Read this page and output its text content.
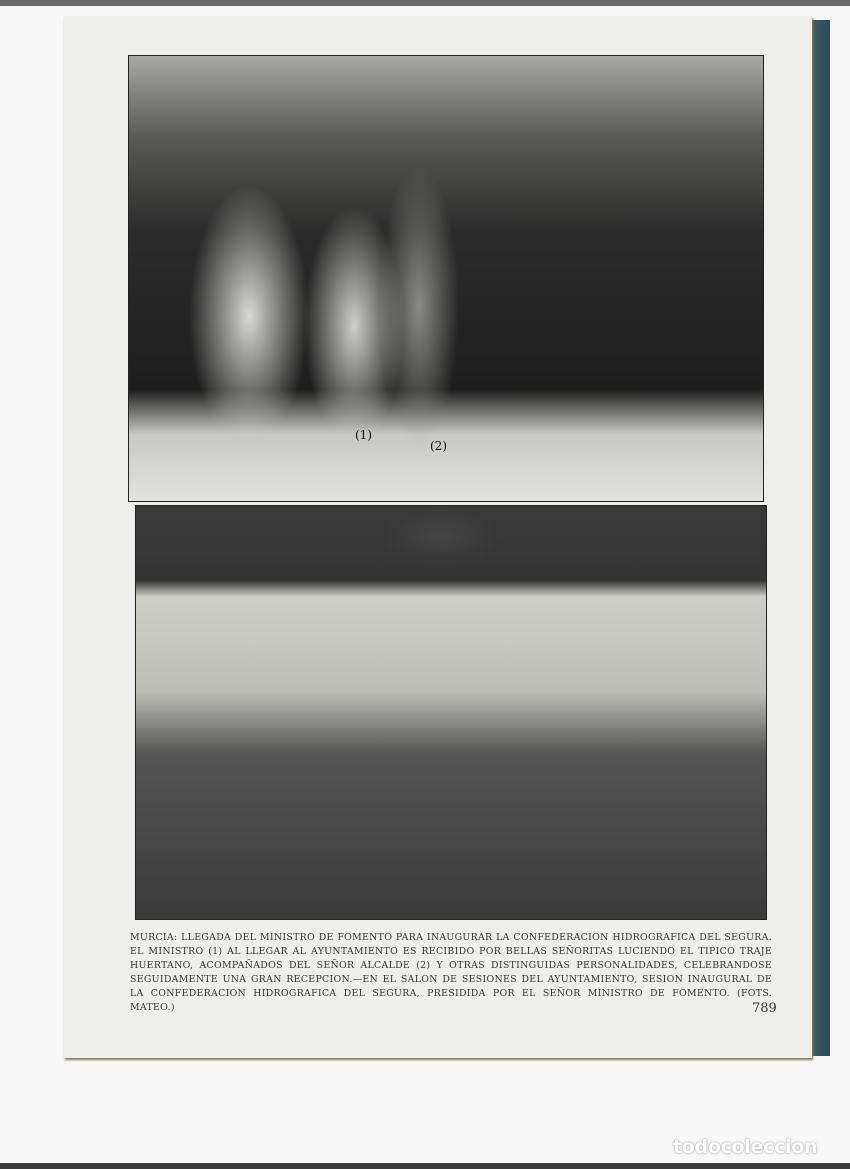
(1)
(2)
MURCIA: LLEGADA DEL MINISTRO DE FOMENTO PARA INAUGURAR LA CONFEDERACION HIDROGRAFICA DEL SEGURA. EL MINISTRO (1) AL LLEGAR AL AYUNTAMIENTO ES RECIBIDO POR BELLAS SEÑORITAS LUCIENDO EL TIPICO TRAJE HUERTANO, ACOMPAÑADOS DEL SEÑOR ALCALDE (2) Y OTRAS DISTINGUIDAS PERSONALIDADES, CELEBRANDOSE SEGUIDAMENTE UNA GRAN RECEPCION.—EN EL SALON DE SESIONES DEL AYUNTAMIENTO, SESION INAUGURAL DE LA CONFEDERACION HIDROGRAFICA DEL SEGURA, PRESIDIDA POR EL SEÑOR MINISTRO DE FOMENTO. (FOTS. MATEO.)	789
todocoleccion
